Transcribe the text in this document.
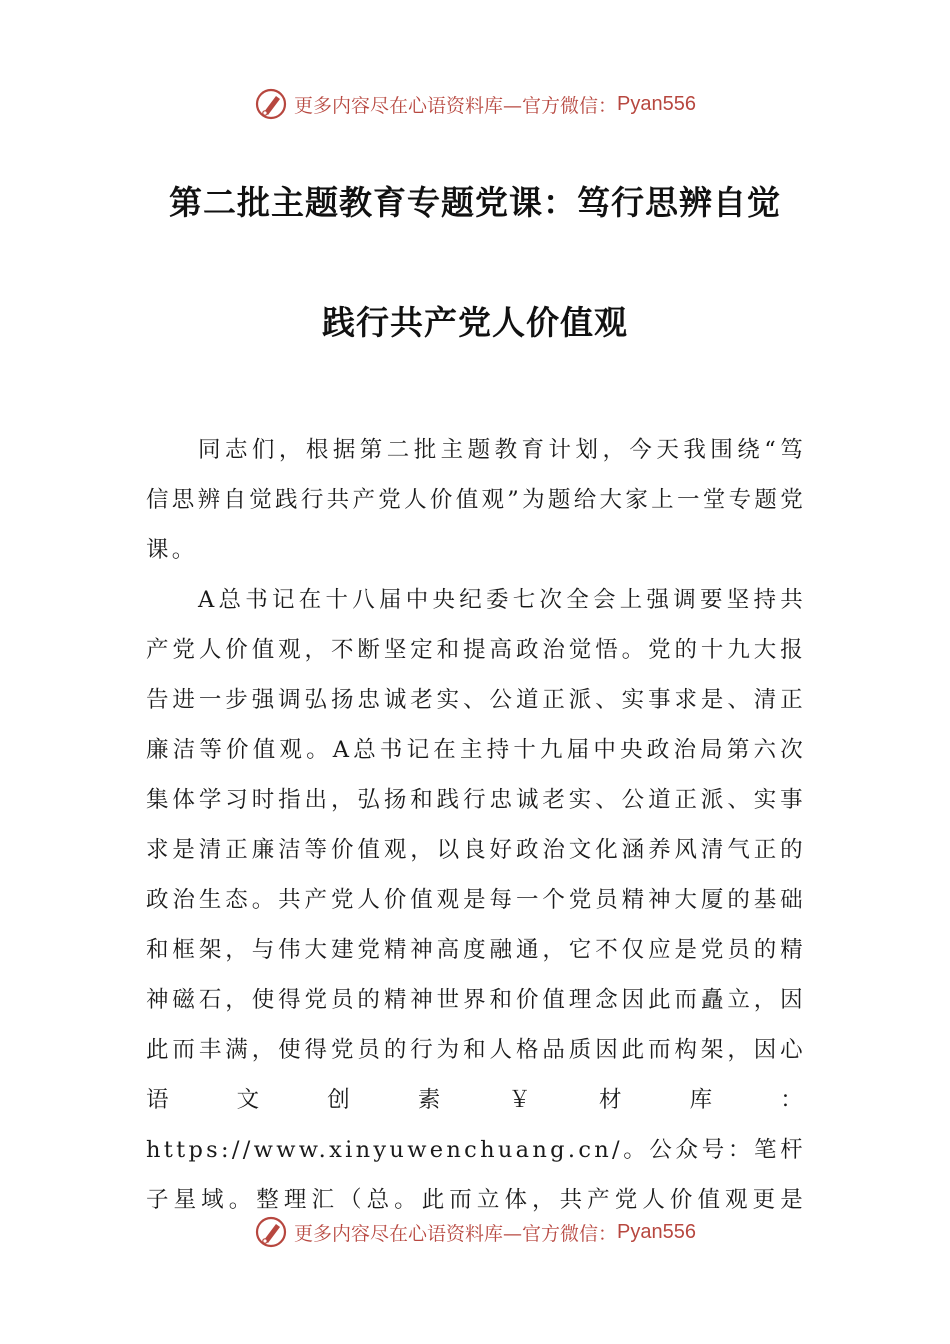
更多内容尽在心语资料库—官方微信： Pyan556
第二批主题教育专题党课：笃行思辨自觉
践行共产党人价值观

同志们，根据第二批主题教育计划，今天我围绕“笃信思辨自觉践行共产党人价值观”为题给大家上一堂专题党课。

A总书记在十八届中央纪委七次全会上强调要坚持共产党人价值观，不断坚定和提高政治觉悟。党的十九大报告进一步强调弘扬忠诚老实、公道正派、实事求是、清正廉洁等价值观。A总书记在主持十九届中央政治局第六次集体学习时指出，弘扬和践行忠诚老实、公道正派、实事求是清正廉洁等价值观，以良好政治文化涵养风清气正的政治生态。共产党人价值观是每一个党员精神大厦的基础和框架，与伟大建党精神高度融通，它不仅应是党员的精神磁石，使得党员的精神世界和价值理念因此而矗立，因此而丰满，使得党员的行为和人格品质因此而构架，因心语文创素￥材库：https://www.xinyuwenchuang.cn/。公众号：笔杆子星域。整理汇（总。此而立体，共产党人价值观更是

更多内容尽在心语资料库—官方微信： Pyan556
